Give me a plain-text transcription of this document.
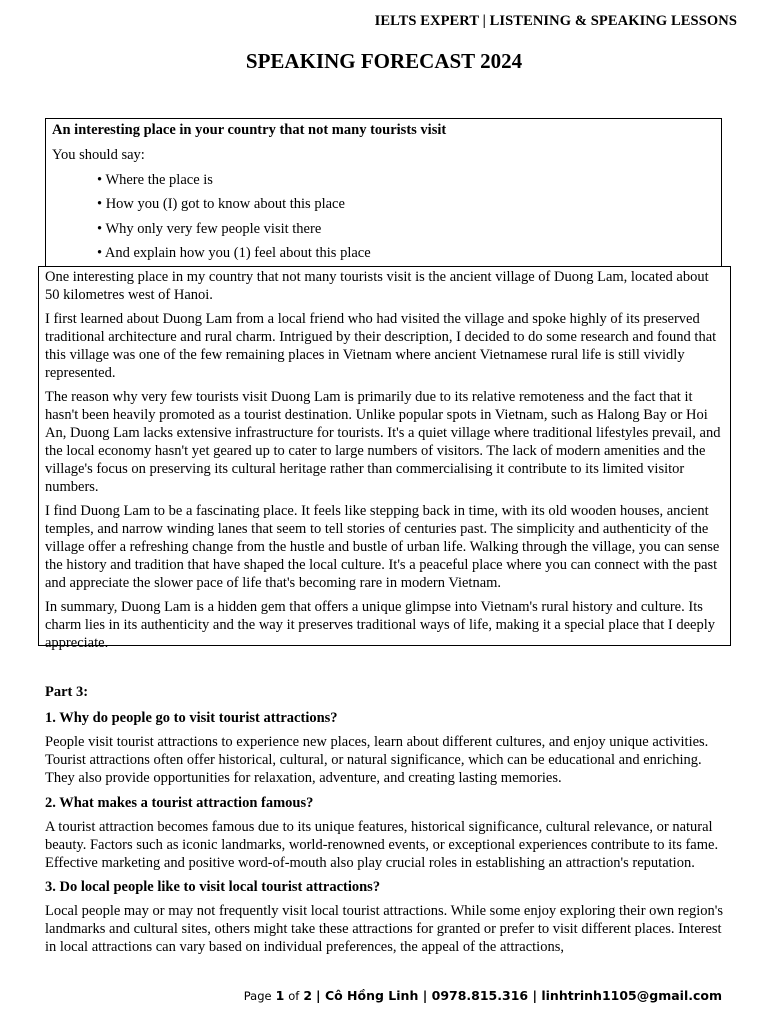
IELTS EXPERT | LISTENING & SPEAKING LESSONS
SPEAKING FORECAST 2024
An interesting place in your country that not many tourists visit
You should say:
• Where the place is
• How you (I) got to know about this place
• Why only very few people visit there
• And explain how you (1) feel about this place

One interesting place in my country that not many tourists visit is the ancient village of Duong Lam, located about 50 kilometres west of Hanoi.

I first learned about Duong Lam from a local friend who had visited the village and spoke highly of its preserved traditional architecture and rural charm. Intrigued by their description, I decided to do some research and found that this village was one of the few remaining places in Vietnam where ancient Vietnamese rural life is still vividly represented.

The reason why very few tourists visit Duong Lam is primarily due to its relative remoteness and the fact that it hasn't been heavily promoted as a tourist destination. Unlike popular spots in Vietnam, such as Halong Bay or Hoi An, Duong Lam lacks extensive infrastructure for tourists. It's a quiet village where traditional lifestyles prevail, and the local economy hasn't yet geared up to cater to large numbers of visitors. The lack of modern amenities and the village's focus on preserving its cultural heritage rather than commercialising it contribute to its limited visitor numbers.

I find Duong Lam to be a fascinating place. It feels like stepping back in time, with its old wooden houses, ancient temples, and narrow winding lanes that seem to tell stories of centuries past. The simplicity and authenticity of the village offer a refreshing change from the hustle and bustle of urban life. Walking through the village, you can sense the history and tradition that have shaped the local culture. It's a peaceful place where you can connect with the past and appreciate the slower pace of life that's becoming rare in modern Vietnam.

In summary, Duong Lam is a hidden gem that offers a unique glimpse into Vietnam's rural history and culture. Its charm lies in its authenticity and the way it preserves traditional ways of life, making it a special place that I deeply appreciate.

Part 3:
1. Why do people go to visit tourist attractions?
People visit tourist attractions to experience new places, learn about different cultures, and enjoy unique activities. Tourist attractions often offer historical, cultural, or natural significance, which can be educational and enriching. They also provide opportunities for relaxation, adventure, and creating lasting memories.
2. What makes a tourist attraction famous?
A tourist attraction becomes famous due to its unique features, historical significance, cultural relevance, or natural beauty. Factors such as iconic landmarks, world-renowned events, or exceptional experiences contribute to its fame. Effective marketing and positive word-of-mouth also play crucial roles in establishing an attraction's reputation.
3. Do local people like to visit local tourist attractions?
Local people may or may not frequently visit local tourist attractions. While some enjoy exploring their own region's landmarks and cultural sites, others might take these attractions for granted or prefer to visit different places. Interest in local attractions can vary based on individual preferences, the appeal of the attractions,
Page 1 of 2 | Cô Hồng Linh | 0978.815.316 | linhtrinh1105@gmail.com
